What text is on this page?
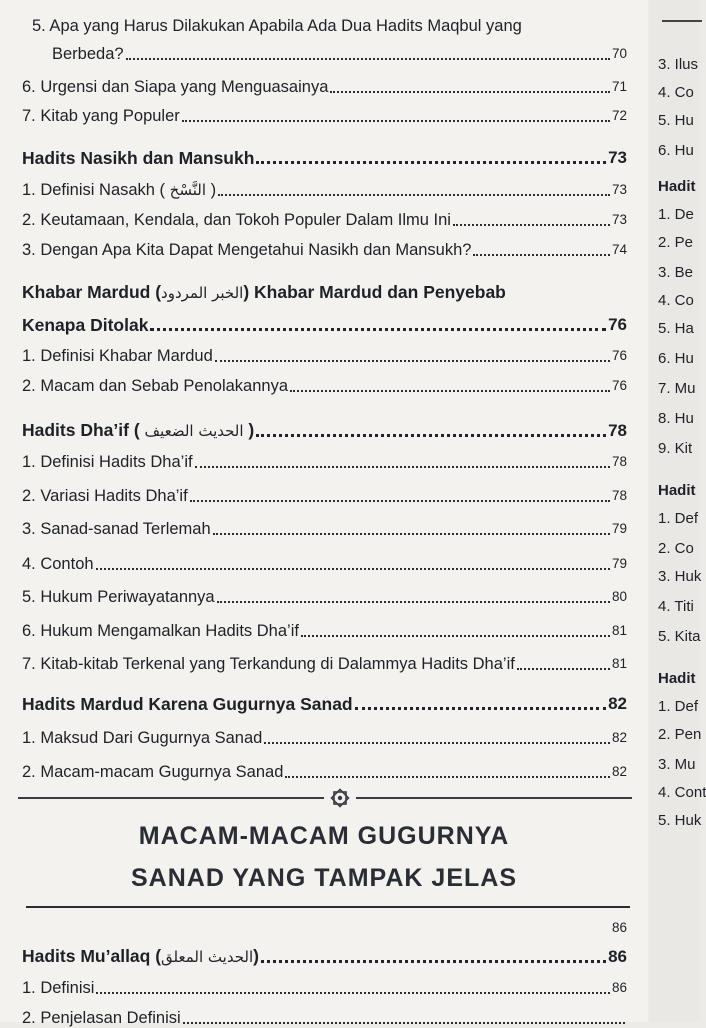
5. Apa yang Harus Dilakukan Apabila Ada Dua Hadits Maqbul yang
Berbeda?	70
6. Urgensi dan Siapa yang Menguasainya	71
7. Kitab yang Populer	72
Hadits Nasikh dan Mansukh	73
1. Definisi Nasakh ( النَّسْخ )	73
2. Keutamaan, Kendala, dan Tokoh Populer Dalam Ilmu Ini	73
3. Dengan Apa Kita Dapat Mengetahui Nasikh dan Mansukh?	74
Khabar Mardud (الخبر المردود) Khabar Mardud dan Penyebab
Kenapa Ditolak	76
1. Definisi Khabar Mardud	76
2. Macam dan Sebab Penolakannya	76
Hadits Dha’if ( الحديث الضعيف )	78
1. Definisi Hadits Dha’if	78
2. Variasi Hadits Dha’if	78
3. Sanad-sanad Terlemah	79
4. Contoh	79
5. Hukum Periwayatannya	80
6. Hukum Mengamalkan Hadits Dha’if	81
7. Kitab-kitab Terkenal yang Terkandung di Dalammya Hadits Dha’if	81
Hadits Mardud Karena Gugurnya Sanad	82
1. Maksud Dari Gugurnya Sanad	82
2. Macam-macam Gugurnya Sanad	82
MACAM-MACAM GUGURNYA
SANAD YANG TAMPAK JELAS
86
Hadits Mu’allaq (الحديث المعلق)	86
1. Definisi	86
2. Penjelasan Definisi
3. Ilus
4. Co
5. Hu
6. Hu
Hadit
1. De
2. Pe
3. Be
4. Co
5. Ha
6. Hu
7. Mu
8. Hu
9. Kit
Hadit
1. Def
2. Co
3. Huk
4. Titi
5. Kita
Hadit
1. Def
2. Pen
3. Mu
4. Cont
5. Huk
